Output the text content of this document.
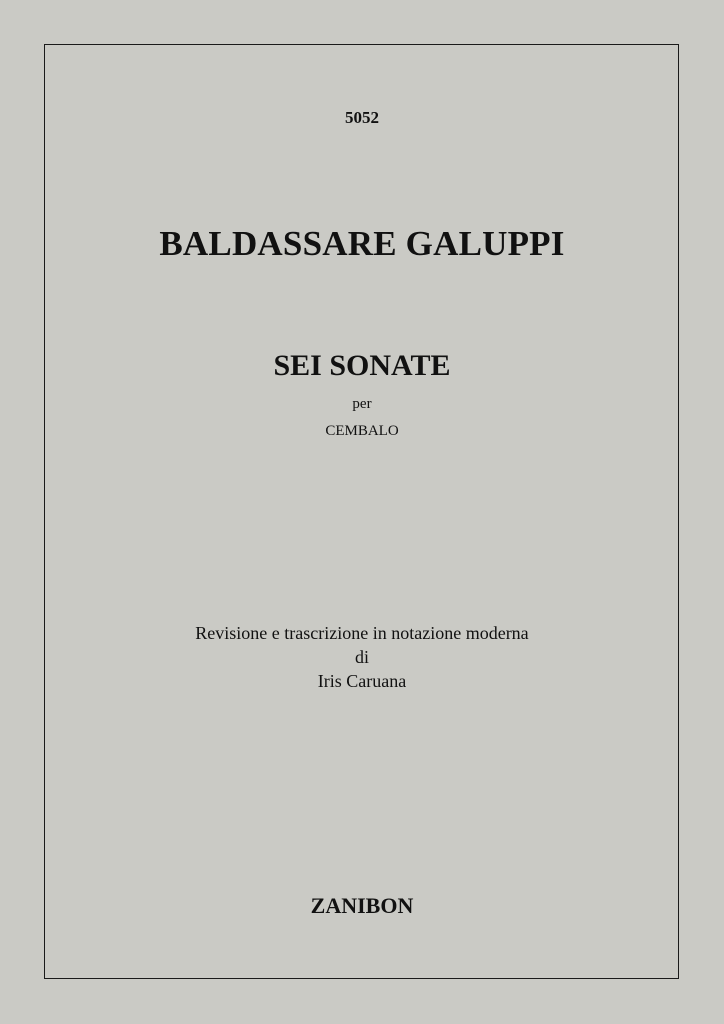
5052
BALDASSARE GALUPPI
SEI SONATE
per
CEMBALO
Revisione e trascrizione in notazione moderna
di
Iris Caruana
ZANIBON
